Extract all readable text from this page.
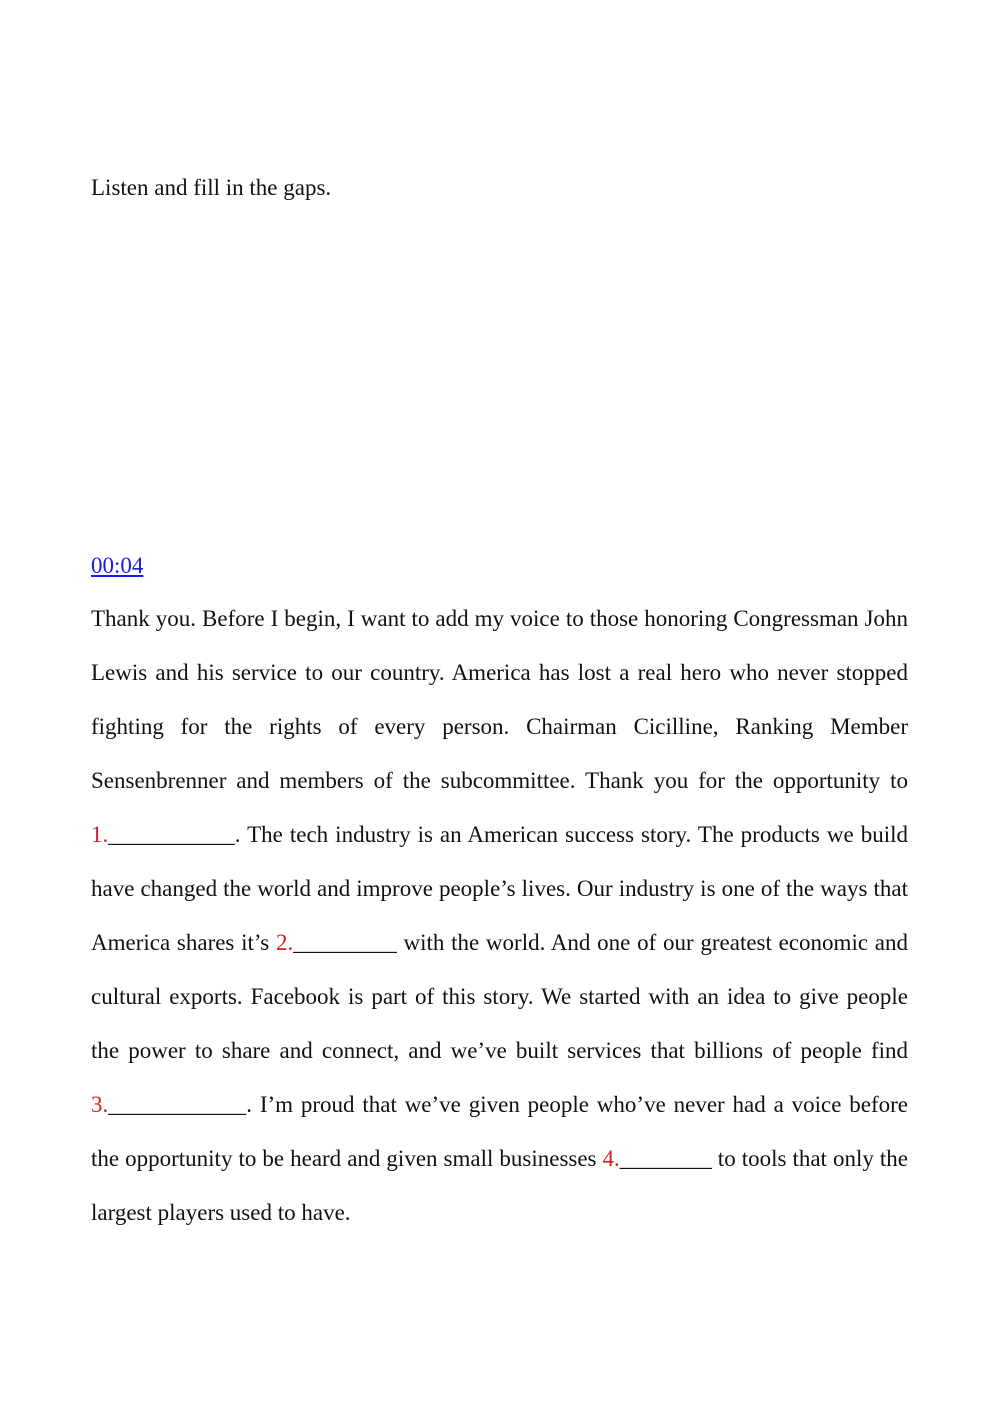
Listen and fill in the gaps.

00:04

Thank you. Before I begin, I want to add my voice to those honoring Congressman John Lewis and his service to our country. America has lost a real hero who never stopped fighting for the rights of every person. Chairman Cicilline, Ranking Member Sensenbrenner and members of the subcommittee. Thank you for the opportunity to 1.___________. The tech industry is an American success story. The products we build have changed the world and improve people’s lives. Our industry is one of the ways that America shares it’s 2._________ with the world. And one of our greatest economic and cultural exports. Facebook is part of this story. We started with an idea to give people the power to share and connect, and we’ve built services that billions of people find 3.____________. I’m proud that we’ve given people who’ve never had a voice before the opportunity to be heard and given small businesses 4.________ to tools that only the largest players used to have.
